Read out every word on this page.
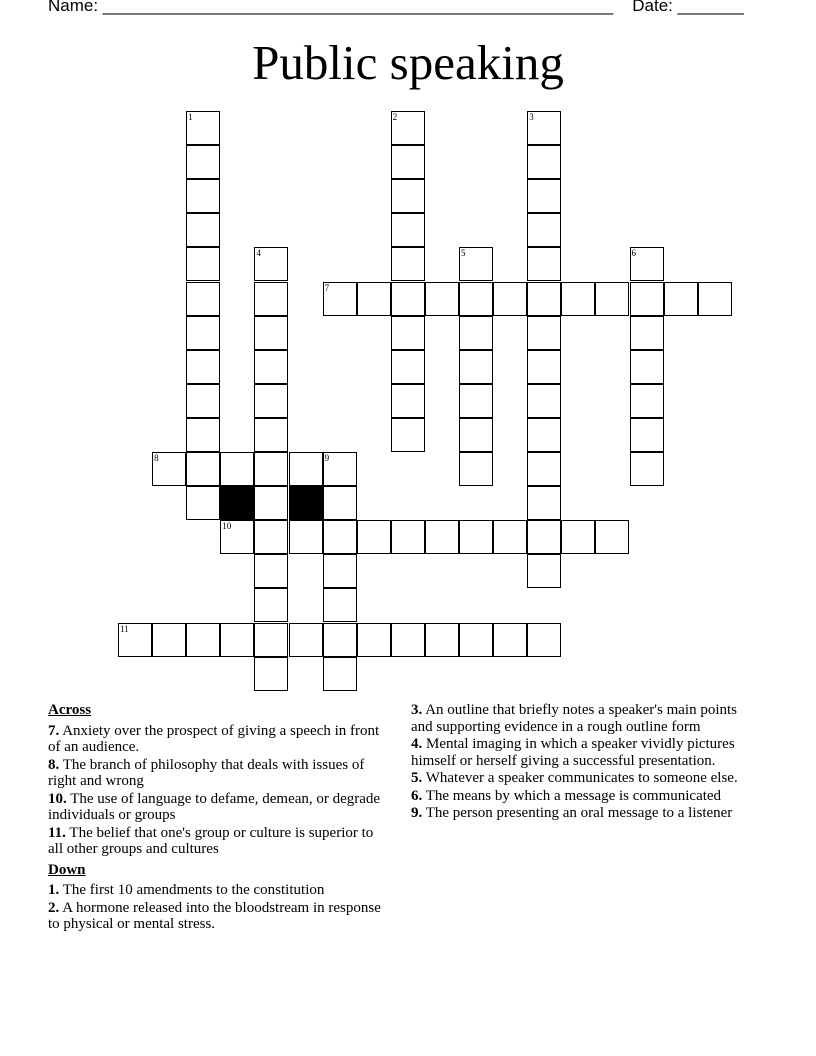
Name: ______________________________________________________    Date: _______
Public speaking
1	2	3
4	5	6
9
7
8
10
11
Across
7. Anxiety over the prospect of giving a speech in front of an audience.
8. The branch of philosophy that deals with issues of right and wrong
10. The use of language to defame, demean, or degrade individuals or groups
11. The belief that one's group or culture is superior to all other groups and cultures
Down
1. The first 10 amendments to the constitution
2. A hormone released into the bloodstream in response to physical or mental stress.
3. An outline that briefly notes a speaker's main points and supporting evidence in a rough outline form
4. Mental imaging in which a speaker vividly pictures himself or herself giving a successful presentation.
5. Whatever a speaker communicates to someone else.
6. The means by which a message is communicated
9. The person presenting an oral message to a listener
